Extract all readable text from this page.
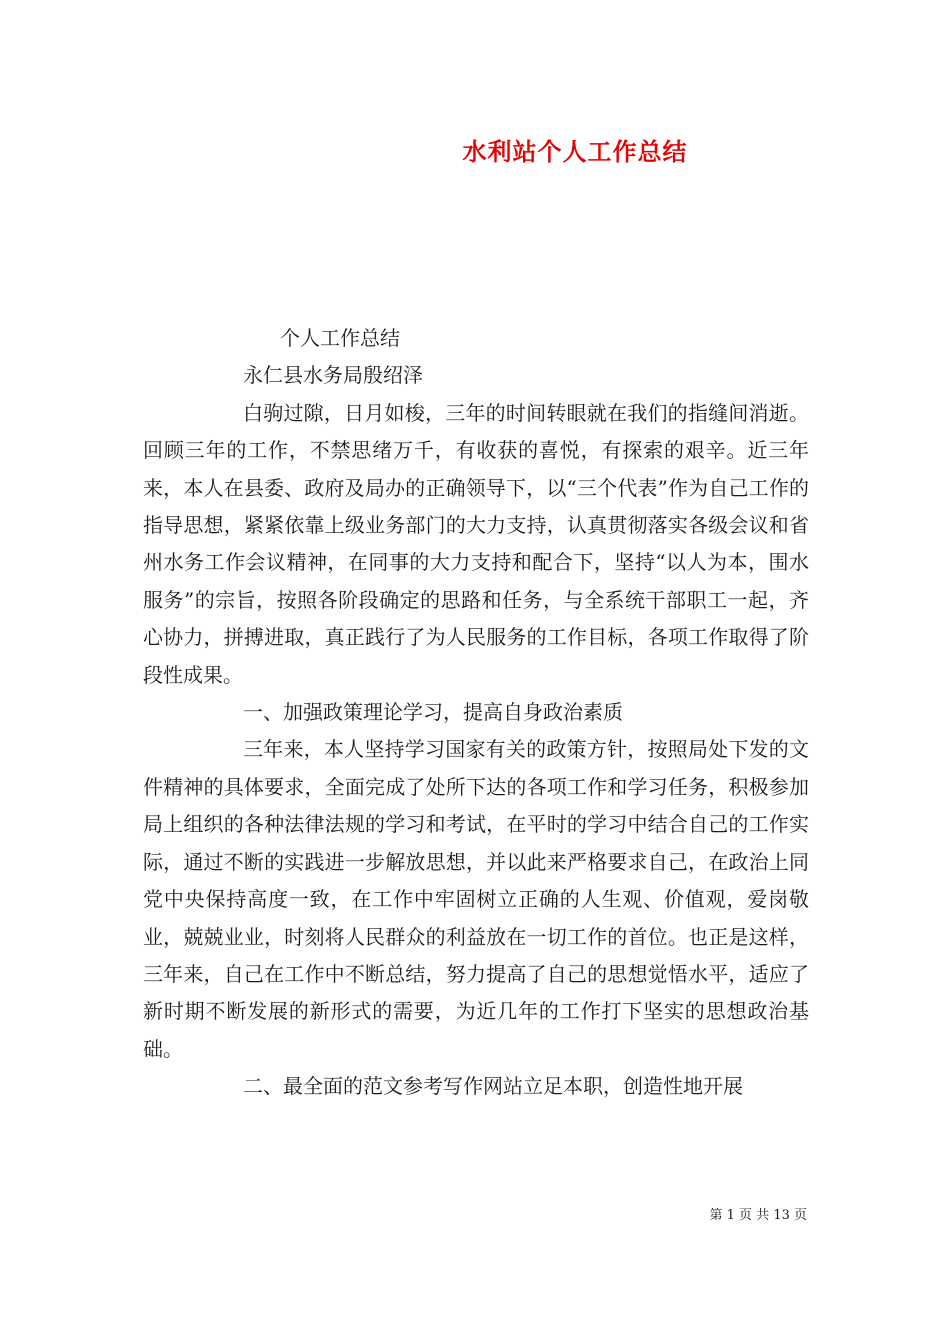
水利站个人工作总结

个人工作总结

永仁县水务局殷绍泽

白驹过隙，日月如梭，三年的时间转眼就在我们的指缝间消逝。回顾三年的工作，不禁思绪万千，有收获的喜悦，有探索的艰辛。近三年来，本人在县委、政府及局办的正确领导下，以“三个代表”作为自己工作的指导思想，紧紧依靠上级业务部门的大力支持，认真贯彻落实各级会议和省州水务工作会议精神，在同事的大力支持和配合下，坚持“以人为本，围水服务”的宗旨，按照各阶段确定的思路和任务，与全系统干部职工一起，齐心协力，拼搏进取，真正践行了为人民服务的工作目标，各项工作取得了阶段性成果。

一、加强政策理论学习，提高自身政治素质

三年来，本人坚持学习国家有关的政策方针，按照局处下发的文件精神的具体要求，全面完成了处所下达的各项工作和学习任务，积极参加局上组织的各种法律法规的学习和考试，在平时的学习中结合自己的工作实际，通过不断的实践进一步解放思想，并以此来严格要求自己，在政治上同党中央保持高度一致，在工作中牢固树立正确的人生观、价值观，爱岗敬业，兢兢业业，时刻将人民群众的利益放在一切工作的首位。也正是这样，三年来，自己在工作中不断总结，努力提高了自己的思想觉悟水平，适应了新时期不断发展的新形式的需要，为近几年的工作打下坚实的思想政治基础。

二、最全面的范文参考写作网站立足本职，创造性地开展

第 1 页 共 13 页
